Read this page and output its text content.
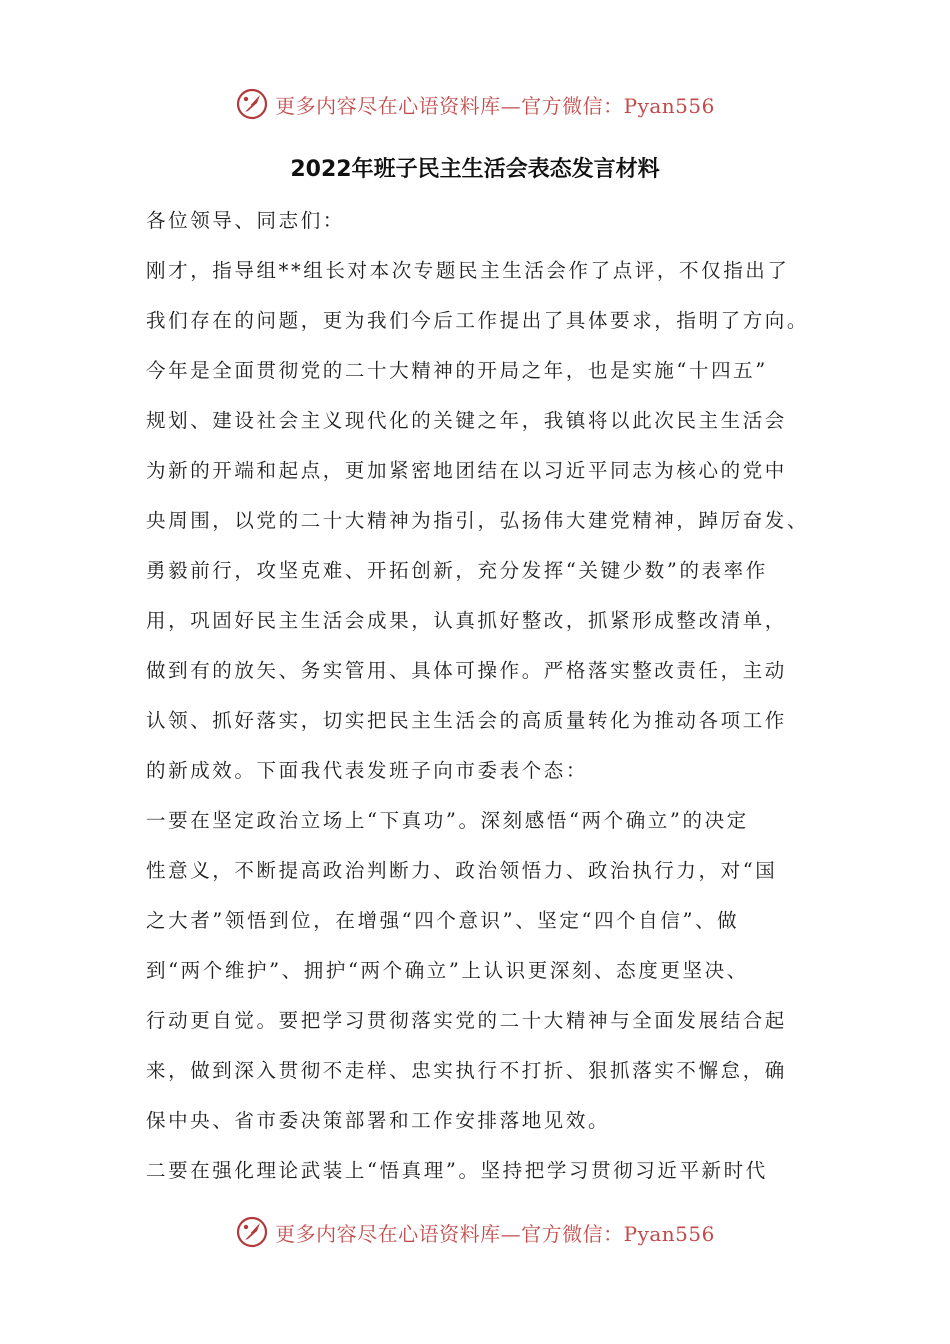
更多内容尽在心语资料库—官方微信：Pyan556
2022年班子民主生活会表态发言材料
各位领导、同志们：
刚才，指导组**组长对本次专题民主生活会作了点评，不仅指出了
我们存在的问题，更为我们今后工作提出了具体要求，指明了方向。
今年是全面贯彻党的二十大精神的开局之年，也是实施“十四五”
规划、建设社会主义现代化的关键之年，我镇将以此次民主生活会
为新的开端和起点，更加紧密地团结在以习近平同志为核心的党中
央周围，以党的二十大精神为指引，弘扬伟大建党精神，踔厉奋发、
勇毅前行，攻坚克难、开拓创新，充分发挥“关键少数”的表率作
用，巩固好民主生活会成果，认真抓好整改，抓紧形成整改清单，
做到有的放矢、务实管用、具体可操作。严格落实整改责任，主动
认领、抓好落实，切实把民主生活会的高质量转化为推动各项工作
的新成效。下面我代表发班子向市委表个态：
一要在坚定政治立场上“下真功”。深刻感悟“两个确立”的决定
性意义，不断提高政治判断力、政治领悟力、政治执行力，对“国
之大者”领悟到位，在增强“四个意识”、坚定“四个自信”、做
到“两个维护”、拥护“两个确立”上认识更深刻、态度更坚决、
行动更自觉。要把学习贯彻落实党的二十大精神与全面发展结合起
来，做到深入贯彻不走样、忠实执行不打折、狠抓落实不懈怠，确
保中央、省市委决策部署和工作安排落地见效。
二要在强化理论武装上“悟真理”。坚持把学习贯彻习近平新时代
更多内容尽在心语资料库—官方微信：Pyan556
